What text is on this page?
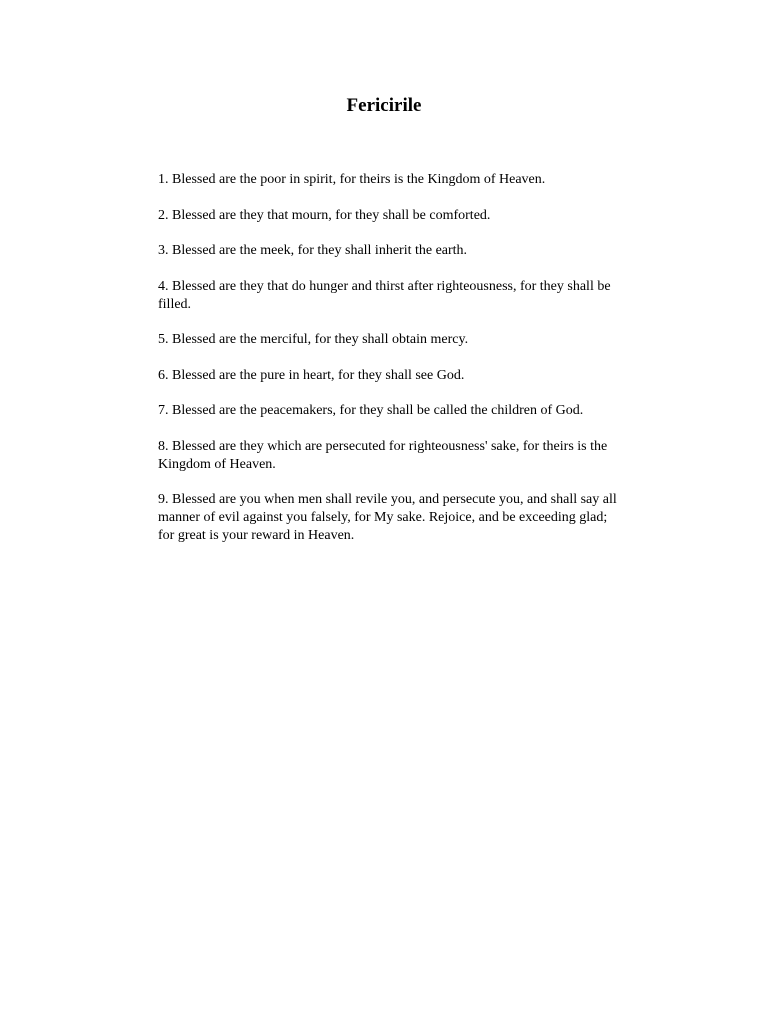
Fericirile
1. Blessed are the poor in spirit, for theirs is the Kingdom of Heaven.
2. Blessed are they that mourn, for they shall be comforted.
3. Blessed are the meek, for they shall inherit the earth.
4. Blessed are they that do hunger and thirst after righteousness, for they shall be
filled.
5. Blessed are the merciful, for they shall obtain mercy.
6. Blessed are the pure in heart, for they shall see God.
7. Blessed are the peacemakers, for they shall be called the children of God.
8. Blessed are they which are persecuted for righteousness' sake, for theirs is the
Kingdom of Heaven.
9. Blessed are you when men shall revile you, and persecute you, and shall say all
manner of evil against you falsely, for My sake. Rejoice, and be exceeding glad;
for great is your reward in Heaven.
